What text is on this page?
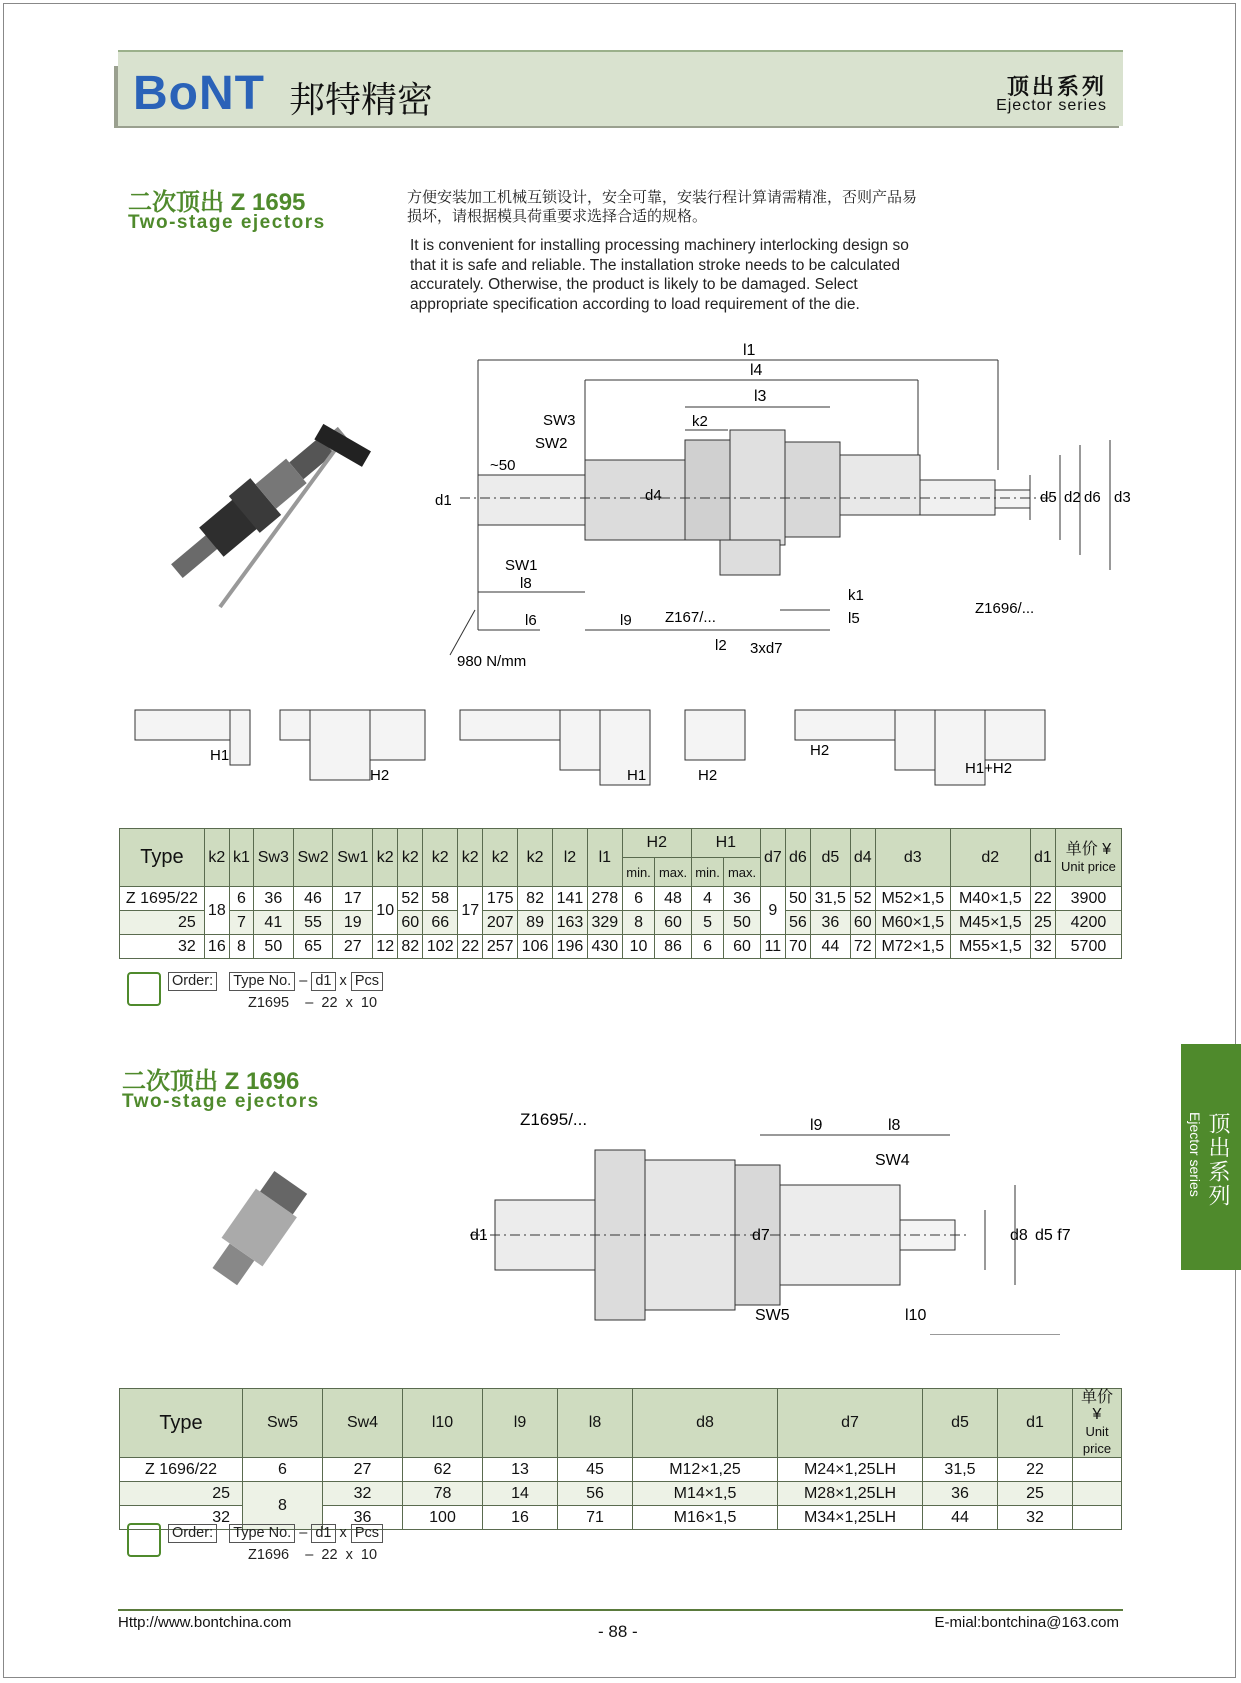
BoNT 邦特精密	顶出系列
Ejector series
二次顶出 Z 1695
Two-stage ejectors
方便安装加工机械互锁设计，安全可靠，安装行程计算请需精准，否则产品易损坏，请根据模具荷重要求选择合适的规格。
It is convenient for installing processing machinery interlocking design so that it is safe and reliable. The installation stroke needs to be calculated accurately. Otherwise, the product is likely to be damaged. Select appropriate specification according to load requirement of the die.
l1
l4
l3
k2
SW3
SW2
~50
d1	d4	d5 d2 d6 d3
SW1
l8
l6	l9 Z167/...
3xd7
l2
k1
l5
Z1696/...
980 N/mm
H1
H2	H1	H2
H2
H1+H2
Type	k2	k1	Sw3	Sw2	Sw1	k2	k2	k2	k2	k2	k2	l2	l1	H2		H1		d7	d6	d5	d4	d3	d2	d1	单价 ¥
Unit price
														min.	max.	min.	max.								
Z 1695/22	18	6	36	46	17	10	52	58	17	175	82	141	278	6	48	4	36	9	50	31,5	52	M52×1,5	M40×1,5	22	3900
25		7	41	55	19		60	66		207	89	163	329	8	60	5	50		56	36	60	M60×1,5	M45×1,5	25	4200
32	16	8	50	65	27	12	82	102	22	257	106	196	430	10	86	6	60	11	70	44	72	M72×1,5	M55×1,5	32	5700
Order: Type No. – d1 x Pcs
Z1695 – 22 x 10
二次顶出 Z 1696
Two-stage ejectors
Z1695/...	l9	l8
SW4
d1	d7	d8 d5 f7
SW5	l10
Type	Sw5	Sw4	l10	l9	l8	d8	d7	d5	d1	单价 ¥
Unit price
Z 1696/22	6	27	62	13	45	M12×1,25	M24×1,25LH	31,5	22	
25	8	32	78	14	56	M14×1,5	M28×1,25LH	36	25	
32		36	100	16	71	M16×1,5	M34×1,25LH	44	32	
Order: Type No. – d1 x Pcs
Z1696 – 22 x 10
顶出系列
Ejector series
Http://www.bontchina.com	- 88 -	E-mial:bontchina@163.com
